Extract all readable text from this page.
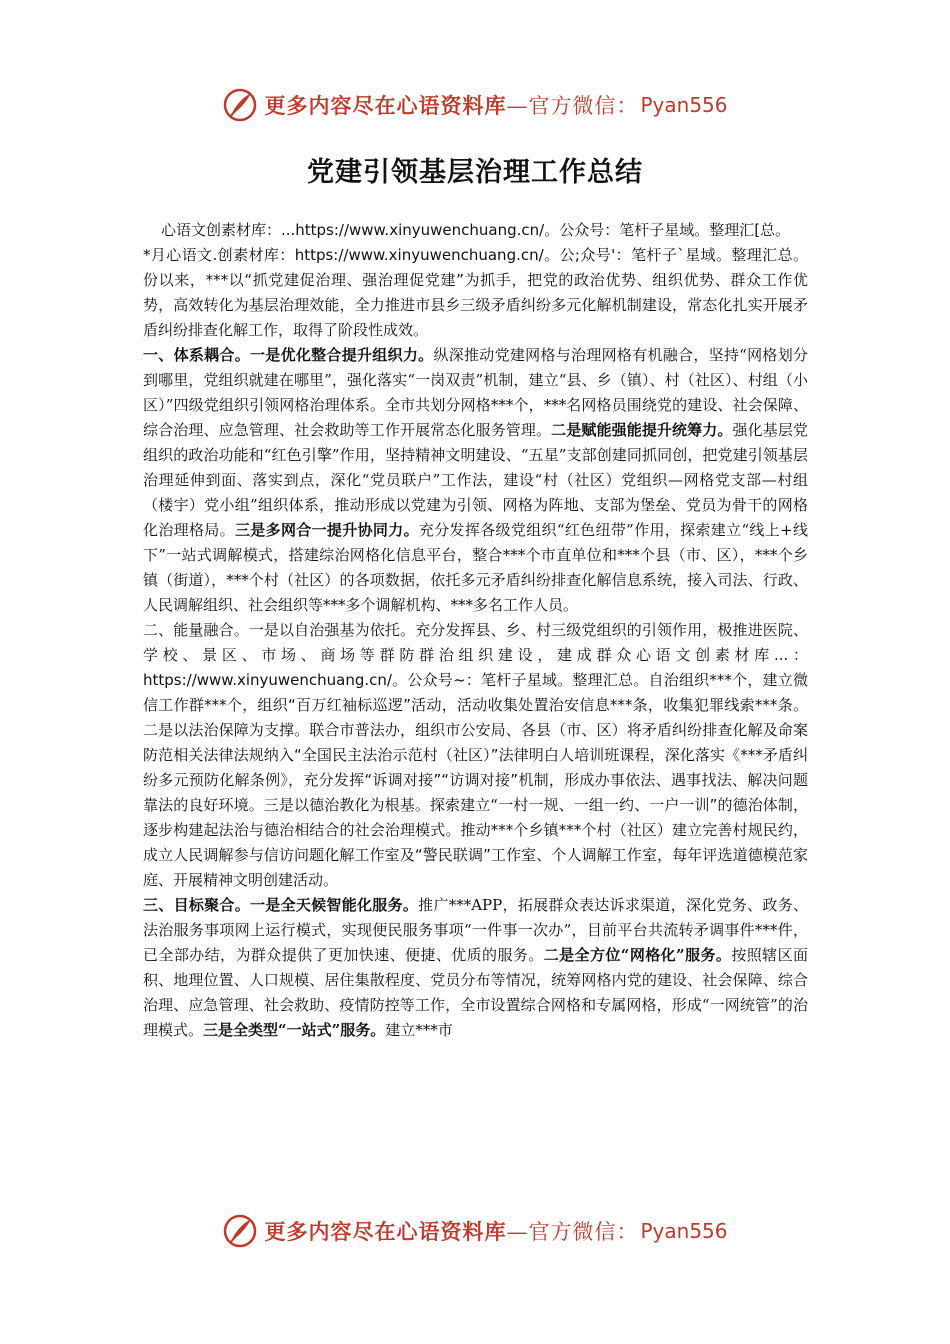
更多内容尽在心语资料库 —官方微信： Pyan556
党建引领基层治理工作总结

心语文创素材库：...https://www.xinyuwenchuang.cn/。公众号：笔杆子星域。整理汇[总。

*月心语文.创素材库：https://www.xinyuwenchuang.cn/。公;众号'：笔杆子`星域。整理汇总。份以来，***以“抓党建促治理、强治理促党建”为抓手，把党的政治优势、组织优势、群众工作优势，高效转化为基层治理效能，全力推进市县乡三级矛盾纠纷多元化解机制建设，常态化扎实开展矛盾纠纷排查化解工作，取得了阶段性成效。

一、体系耦合。一是优化整合提升组织力。纵深推动党建网格与治理网格有机融合，坚持“网格划分到哪里，党组织就建在哪里”，强化落实“一岗双责”机制，建立“县、乡（镇）、村（社区）、村组（小区）”四级党组织引领网格治理体系。全市共划分网格***个，***名网格员围绕党的建设、社会保障、综合治理、应急管理、社会救助等工作开展常态化服务管理。二是赋能强能提升统筹力。强化基层党组织的政治功能和“红色引擎”作用，坚持精神文明建设、“五星”支部创建同抓同创，把党建引领基层治理延伸到面、落实到点，深化“党员联户”工作法，建设“村（社区）党组织—网格党支部—村组（楼宇）党小组”组织体系，推动形成以党建为引领、网格为阵地、支部为堡垒、党员为骨干的网格化治理格局。三是多网合一提升协同力。充分发挥各级党组织“红色纽带”作用，探索建立“线上+线下”一站式调解模式，搭建综治网格化信息平台，整合***个市直单位和***个县（市、区），***个乡镇（街道），***个村（社区）的各项数据，依托多元矛盾纠纷排查化解信息系统，接入司法、行政、人民调解组织、社会组织等***多个调解机构、***多名工作人员。

二、能量融合。一是以自治强基为依托。充分发挥县、乡、村三级党组织的引领作用，极推进医院、学校、景区、市场、商场等群防群治组织建设，建成群众心语文创素材库...：https://www.xinyuwenchuang.cn/。公众号~：笔杆子星域。整理汇总。自治组织***个，建立微信工作群***个，组织“百万红袖标巡逻”活动，活动收集处置治安信息***条，收集犯罪线索***条。二是以法治保障为支撑。联合市普法办，组织市公安局、各县（市、区）将矛盾纠纷排查化解及命案防范相关法律法规纳入“全国民主法治示范村（社区）”法律明白人培训班课程，深化落实《***矛盾纠纷多元预防化解条例》，充分发挥“诉调对接”“访调对接”机制，形成办事依法、遇事找法、解决问题靠法的良好环境。三是以德治教化为根基。探索建立“一村一规、一组一约、一户一训”的德治体制，逐步构建起法治与德治相结合的社会治理模式。推动***个乡镇***个村（社区）建立完善村规民约，成立人民调解参与信访问题化解工作室及“警民联调”工作室、个人调解工作室，每年评选道德模范家庭、开展精神文明创建活动。

三、目标聚合。一是全天候智能化服务。推广***APP，拓展群众表达诉求渠道，深化党务、政务、法治服务事项网上运行模式，实现便民服务事项“一件事一次办”，目前平台共流转矛调事件***件，已全部办结，为群众提供了更加快速、便捷、优质的服务。二是全方位“网格化”服务。按照辖区面积、地理位置、人口规模、居住集散程度、党员分布等情况，统筹网格内党的建设、社会保障、综合治理、应急管理、社会救助、疫情防控等工作，全市设置综合网格和专属网格，形成“一网统管”的治理模式。三是全类型“一站式”服务。建立***市

更多内容尽在心语资料库 —官方微信： Pyan556
